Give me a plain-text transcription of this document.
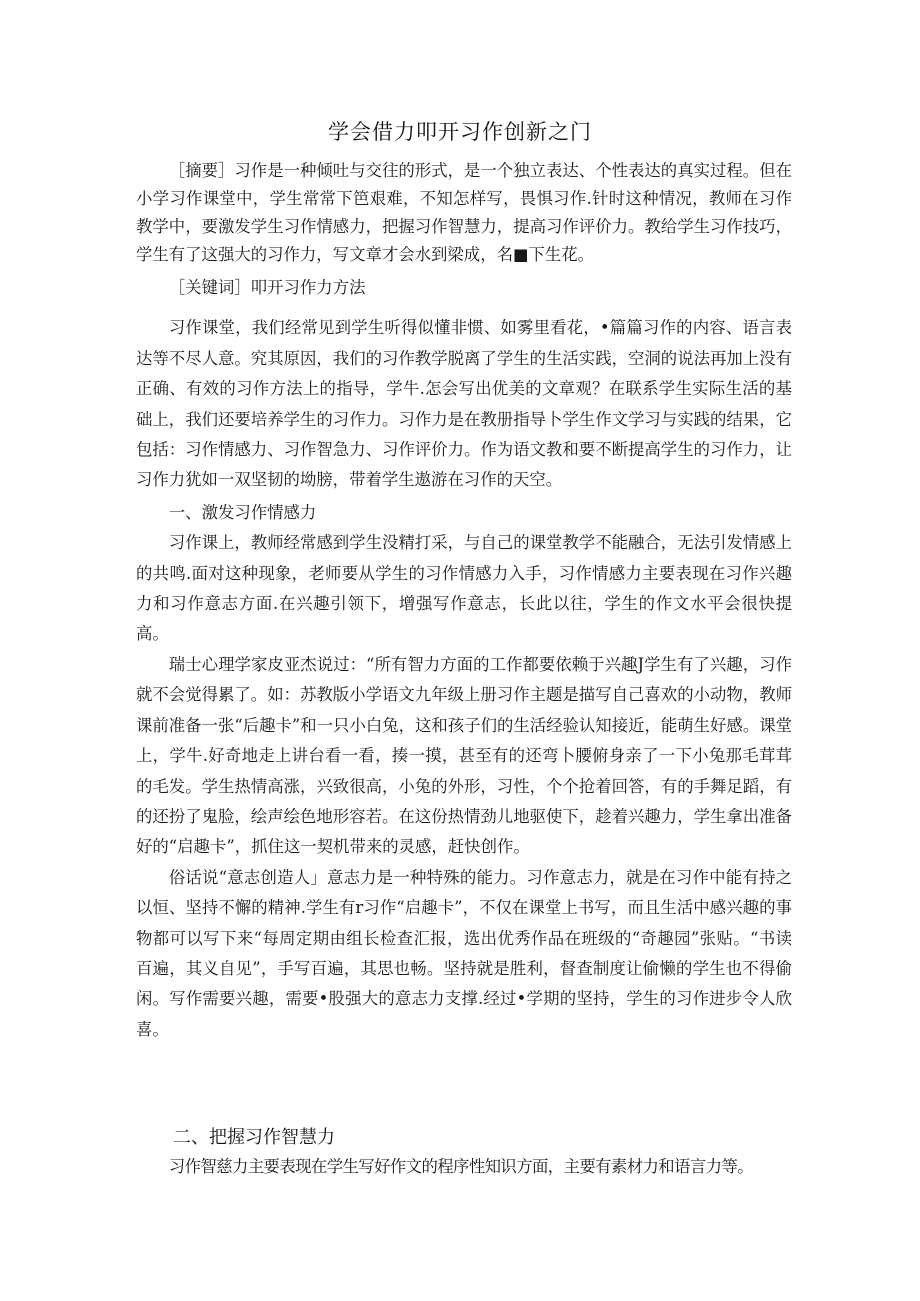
学会借力叩开习作创新之门

［摘要］习作是一种倾吐与交往的形式，是一个独立表达、个性表达的真实过程。但在小学习作课堂中，学生常常下笆艰难，不知怎样写，畏惧习作.针时这种情况，教师在习作教学中，要激发学生习作情感力，把握习作智慧力，提高习作评价力。教给学生习作技巧，学生有了这强大的习作力，写文章才会水到梁成，名■下生花。

［关键词］叩开习作力方法

习作课堂，我们经常见到学生听得似懂非惯、如雾里看花，•篇篇习作的内容、语言表达等不尽人意。究其原因，我们的习作教学脱离了学生的生活实践，空洞的说法再加上没有正确、有效的习作方法上的指导，学牛.怎会写出优美的文章观？在联系学生实际生活的基础上，我们还要培养学生的习作力。习作力是在教册指导卜学生作文学习与实践的结果，它包括：习作情感力、习作智急力、习作评价力。作为语文教和要不断提高学生的习作力，让习作力犹如一双坚韧的坳膀，带着学生遨游在习作的天空。

一、激发习作情感力

习作课上，教师经常感到学生没精打采，与自己的课堂教学不能融合，无法引发情感上的共鸣.面对这种现象，老师要从学生的习作情感力入手，习作情感力主要表现在习作兴趣力和习作意志方面.在兴趣引领下，增强写作意志，长此以往，学生的作文水平会很快提高。

瑞士心理学家皮亚杰说过：“所有智力方面的工作都要依赖于兴趣J学生有了兴趣，习作就不会觉得累了。如：苏教版小学语文九年级上册习作主题是描写自己喜欢的小动物，教师课前准备一张“后趣卡”和一只小白兔，这和孩子们的生活经验认知接近，能萌生好感。课堂上，学牛.好奇地走上讲台看一看，揍一摸，甚至有的还弯卜腰俯身亲了一下小兔那毛茸茸的毛发。学生热情高涨，兴致很高，小兔的外形，习性，个个抢着回答，有的手舞足蹈，有的还扮了鬼脸，绘声绘色地形容若。在这份热情劲儿地驱使下，趁着兴趣力，学生拿出准备好的“启趣卡”，抓住这一契机带来的灵感，赶快创作。

俗话说“意志创造人」意志力是一种特殊的能力。习作意志力，就是在习作中能有持之以恒、坚持不懈的精神.学生有r习作“启趣卡”，不仅在课堂上书写，而且生活中感兴趣的事物都可以写下来“每周定期由组长检查汇报，选出优秀作品在班级的“奇趣园”张贴。“书读百遍，其义自见”，手写百遍，其思也畅。坚持就是胜利，督查制度让偷懒的学生也不得偷闲。写作需要兴趣，需要•股强大的意志力支撑.经过•学期的坚持，学生的习作进步令人欣喜。

二、把握习作智慧力

习作智慈力主要表现在学生写好作文的程序性知识方面，主要有素材力和语言力等。
